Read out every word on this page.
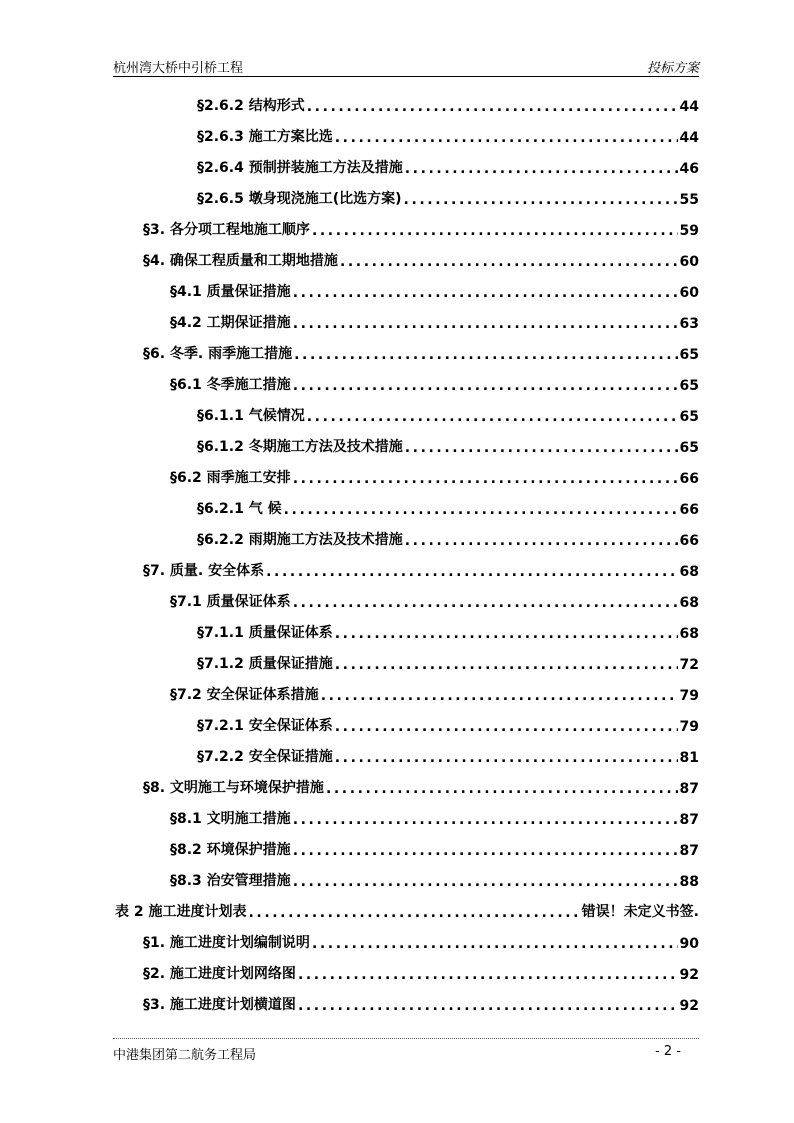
杭州湾大桥中引桥工程	投标方案
§2.6.2 结构形式 .....	44
§2.6.3 施工方案比选 .....	44
§2.6.4 预制拼装施工方法及措施 .....	46
§2.6.5 墩身现浇施工(比选方案) .....	55
§3. 各分项工程地施工顺序 .....	59
§4. 确保工程质量和工期地措施 .....	60
§4.1 质量保证措施 .....	60
§4.2 工期保证措施 .....	63
§6. 冬季. 雨季施工措施 .....	65
§6.1 冬季施工措施 .....	65
§6.1.1 气候情况 .....	65
§6.1.2 冬期施工方法及技术措施 .....	65
§6.2 雨季施工安排 .....	66
§6.2.1 气 候 .....	66
§6.2.2 雨期施工方法及技术措施 .....	66
§7. 质量. 安全体系 .....	68
§7.1 质量保证体系 .....	68
§7.1.1 质量保证体系 .....	68
§7.1.2 质量保证措施 .....	72
§7.2 安全保证体系措施 .....	79
§7.2.1 安全保证体系 .....	79
§7.2.2 安全保证措施 .....	81
§8. 文明施工与环境保护措施 .....	87
§8.1 文明施工措施 .....	87
§8.2 环境保护措施 .....	87
§8.3 治安管理措施 .....	88
表 2 施工进度计划表 .....	错误！未定义书签.
§1. 施工进度计划编制说明 .....	90
§2. 施工进度计划网络图 .....	92
§3. 施工进度计划横道图 .....	92
中港集团第二航务工程局	- 2 -
